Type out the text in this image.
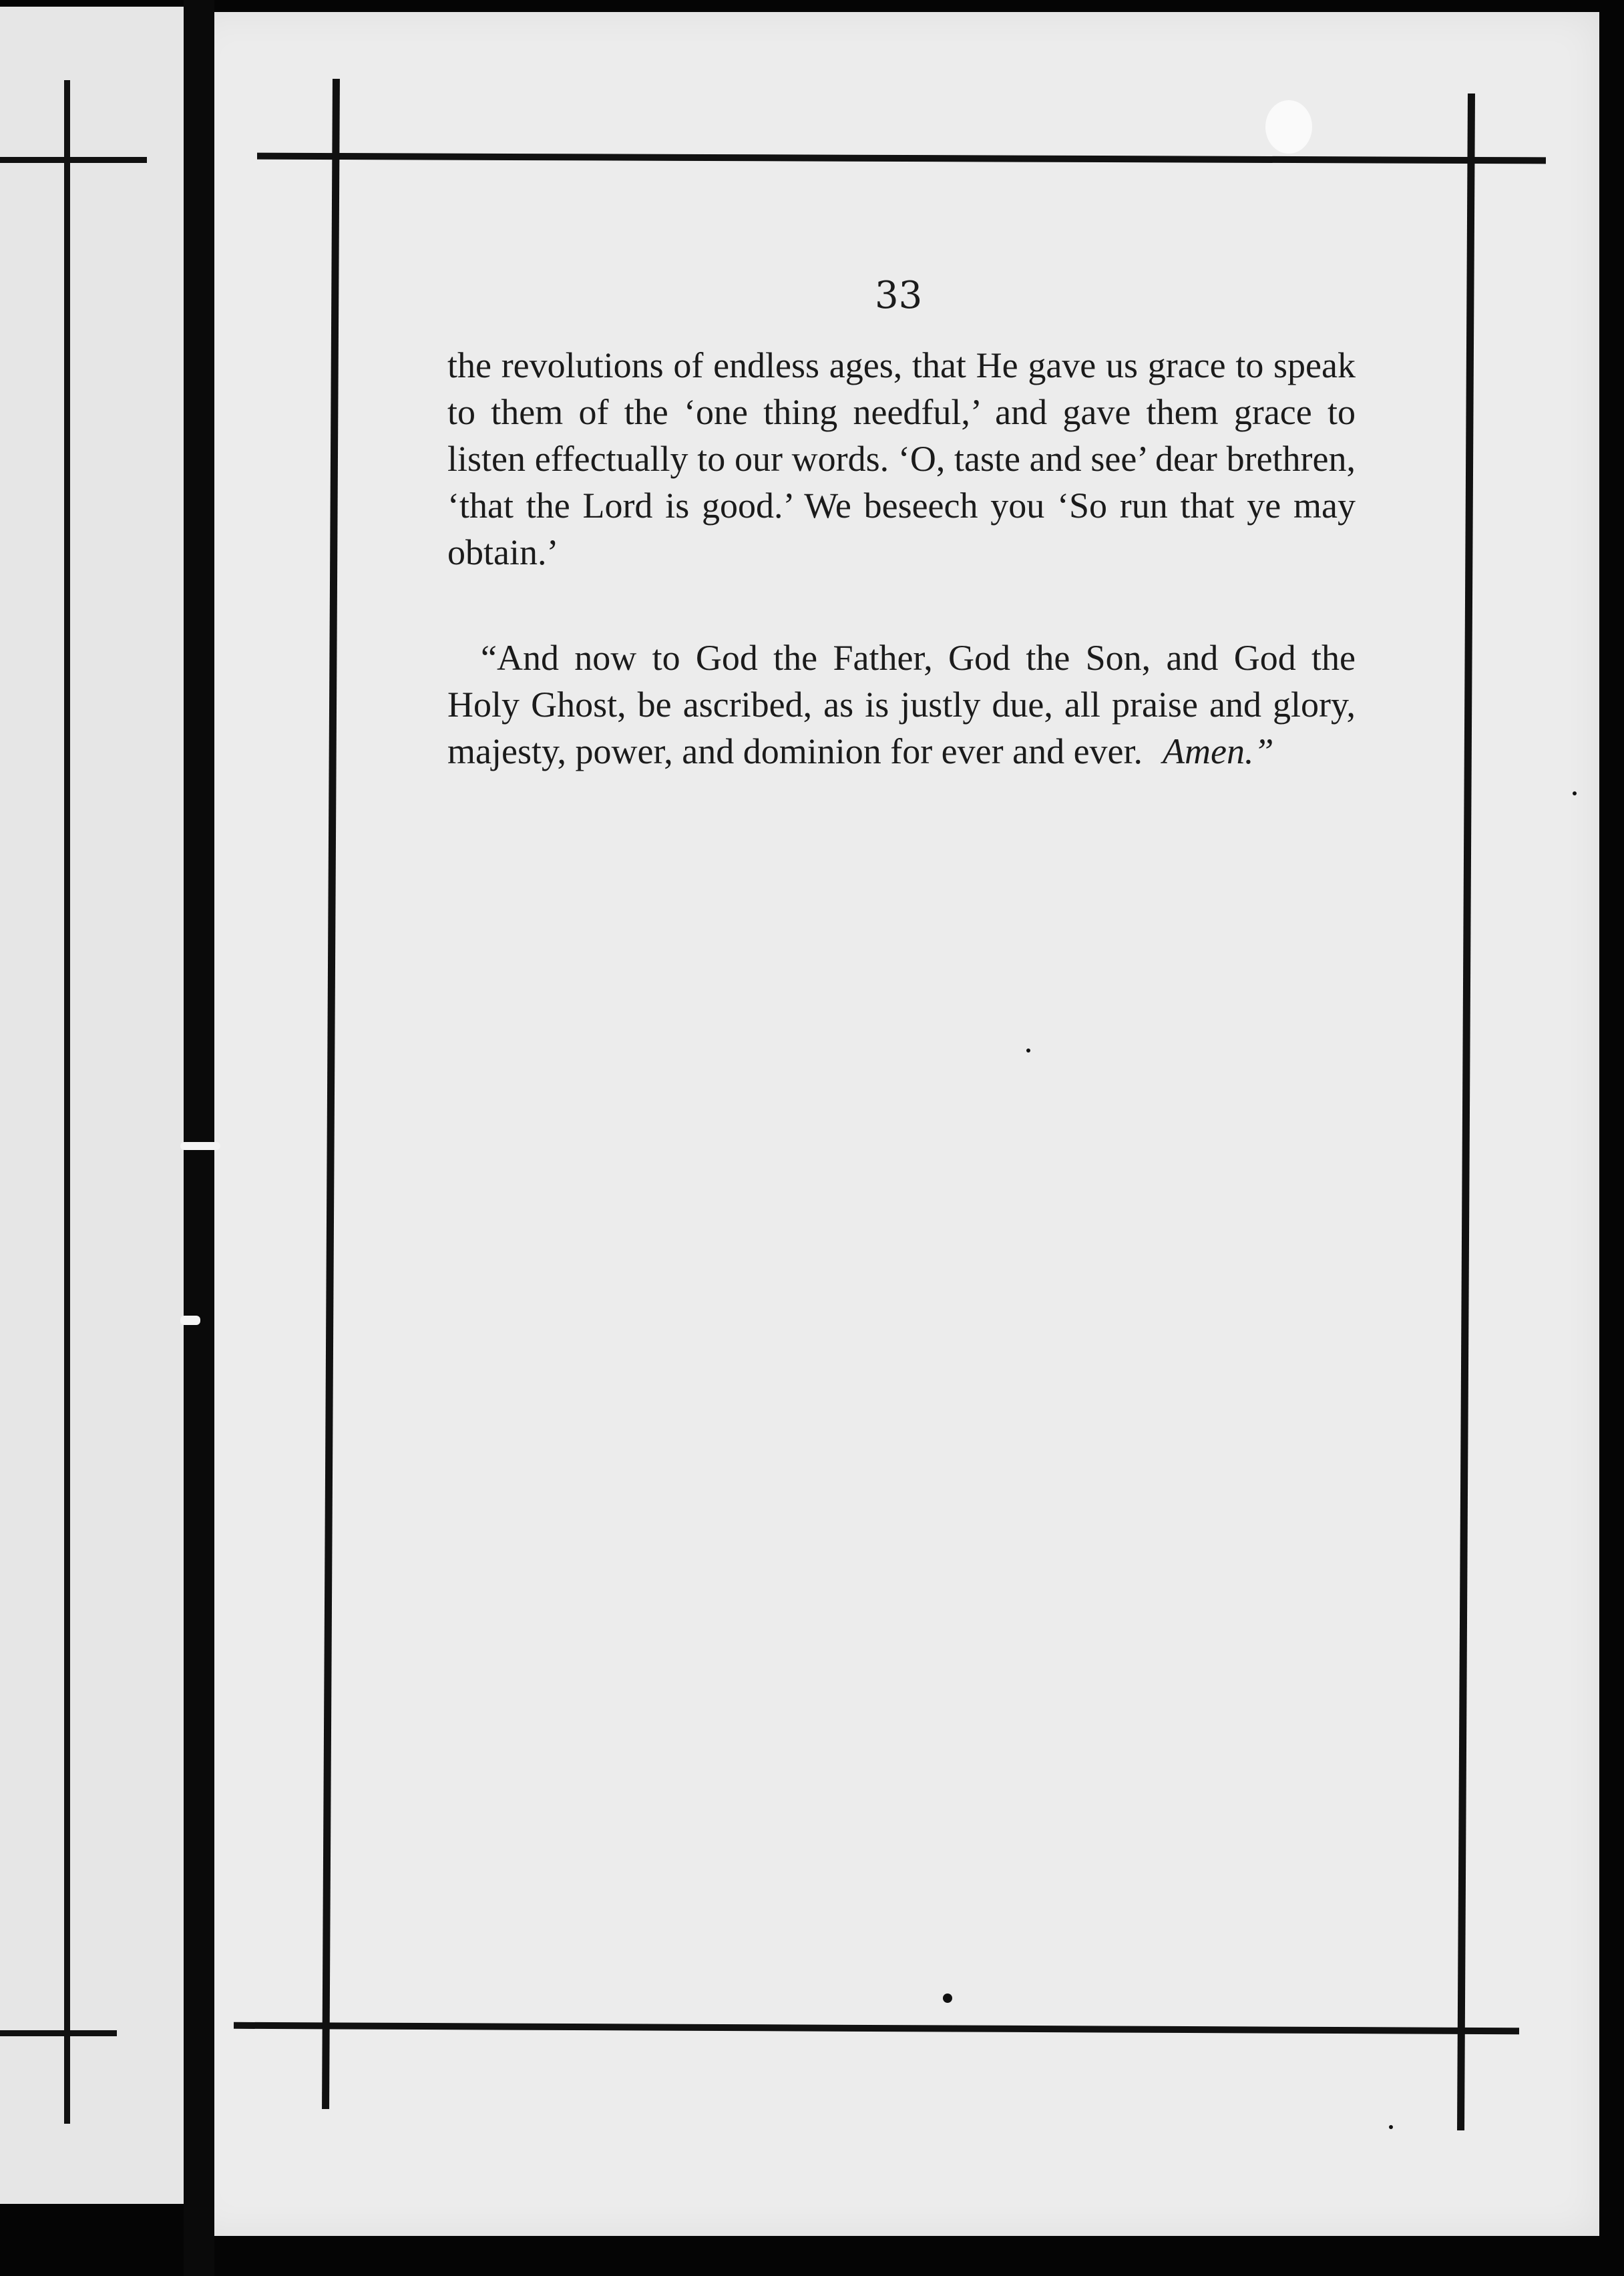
33

the revolutions of endless ages, that He gave us grace to speak to them of the ‘one thing needful,’ and gave them grace to listen effectually to our words. ‘O, taste and see’ dear brethren, ‘that the Lord is good.’ We beseech you ‘So run that ye may obtain.’

“And now to God the Father, God the Son, and God the Holy Ghost, be ascribed, as is justly due, all praise and glory, majesty, power, and dominion for ever and ever. Amen.”
